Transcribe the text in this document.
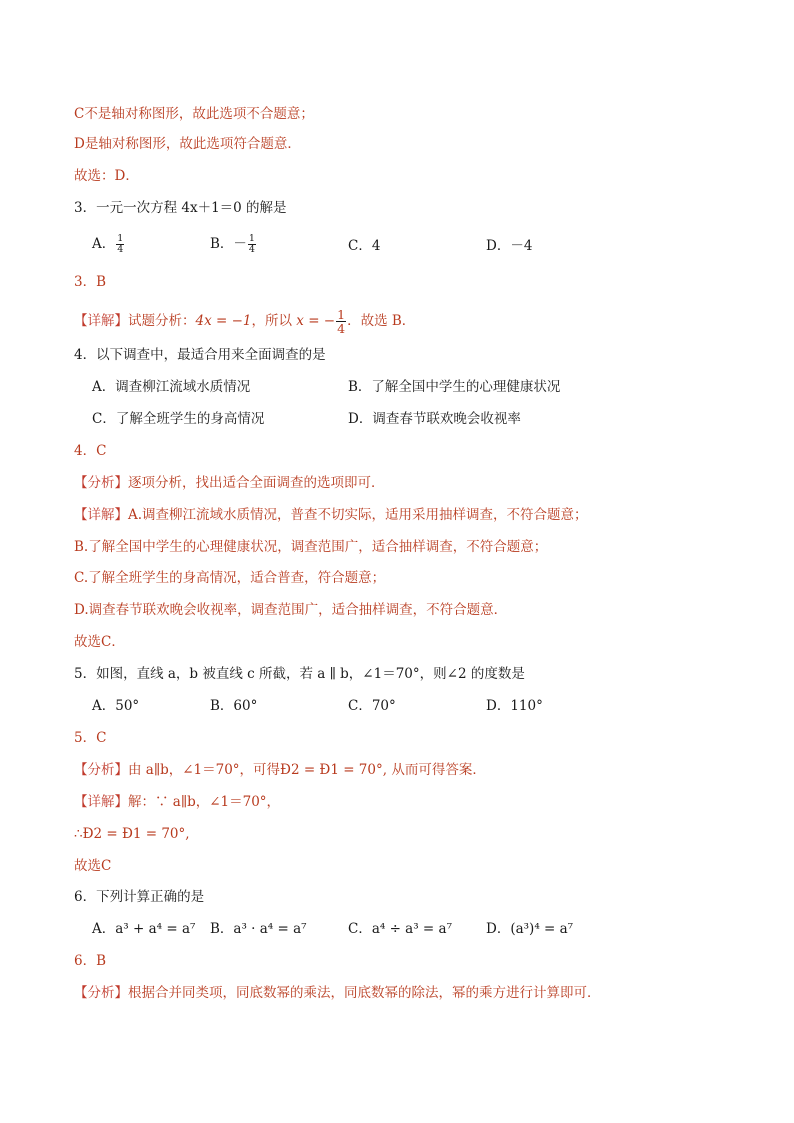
C不是轴对称图形，故此选项不合题意；
D是轴对称图形，故此选项符合题意．
故选：D．
3．一元一次方程 4x＋1＝0 的解是
A． $\frac{1}{4}$	B．－ $\frac{1}{4}$	C．4	D．－4
3．B
【详解】试题分析：4x = −1，所以 x = − $\frac{1}{4}$ ．故选 B．
4．以下调查中，最适合用来全面调查的是
A．调查柳江流域水质情况	B．了解全国中学生的心理健康状况
C．了解全班学生的身高情况	D．调查春节联欢晚会收视率
4．C
【分析】逐项分析，找出适合全面调查的选项即可．
【详解】A.调查柳江流域水质情况，普查不切实际，适用采用抽样调查，不符合题意；
B.了解全国中学生的心理健康状况，调查范围广，适合抽样调查，不符合题意；
C.了解全班学生的身高情况，适合普查，符合题意；
D.调查春节联欢晚会收视率，调查范围广，适合抽样调查，不符合题意．
故选C．
5．如图，直线 a，b 被直线 c 所截，若 a ∥ b，∠1＝70°，则∠2 的度数是
A．50°	B．60°	C．70°	D．110°
5．C
【分析】由 a∥b，∠1＝70°，可得Ð2 = Ð1 = 70°, 从而可得答案．
【详解】解：∵ a∥b，∠1＝70°，
∴Ð2 = Ð1 = 70°,
故选C
6．下列计算正确的是
A．a³ + a⁴ = a⁷ B．a³ · a⁴ = a⁷	C．a⁴ ÷ a³ = a⁷	D．(a³)⁴ = a⁷
6．B
【分析】根据合并同类项，同底数幂的乘法，同底数幂的除法，幂的乘方进行计算即可．
